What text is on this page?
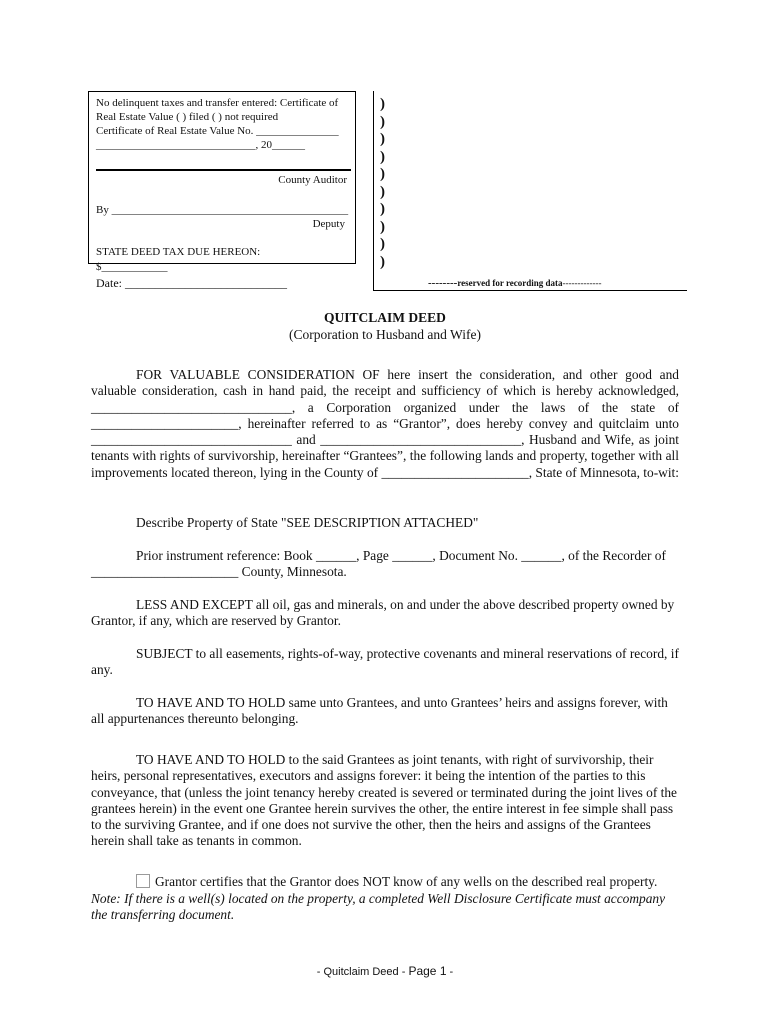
No delinquent taxes and transfer entered: Certificate of
Real Estate Value ( ) filed ( ) not required
Certificate of Real Estate Value No. _______________
_____________________________, 20______
County Auditor
By ___________________________________________
Deputy
STATE DEED TAX DUE HEREON:
$____________
Date: ___________________________
)
)
)
)
)
)
)
)
)
)
--------reserved for recording data-------------
QUITCLAIM DEED
(Corporation to Husband and Wife)
FOR VALUABLE CONSIDERATION OF here insert the consideration, and other good and valuable consideration, cash in hand paid, the receipt and sufficiency of which is hereby acknowledged, ______________________________, a Corporation organized under the laws of the state of ______________________, hereinafter referred to as “Grantor”, does hereby convey and quitclaim unto ______________________________ and ______________________________, Husband and Wife, as joint tenants with rights of survivorship, hereinafter “Grantees”, the following lands and property, together with all improvements located thereon, lying in the County of ______________________, State of Minnesota, to-wit:
Describe Property of State "SEE DESCRIPTION ATTACHED"
Prior instrument reference: Book ______, Page ______, Document No. ______, of the Recorder of ______________________ County, Minnesota.
LESS AND EXCEPT all oil, gas and minerals, on and under the above described property owned by Grantor, if any, which are reserved by Grantor.
SUBJECT to all easements, rights-of-way, protective covenants and mineral reservations of record, if any.
TO HAVE AND TO HOLD same unto Grantees, and unto Grantees’ heirs and assigns forever, with all appurtenances thereunto belonging.
TO HAVE AND TO HOLD to the said Grantees as joint tenants, with right of survivorship, their heirs, personal representatives, executors and assigns forever: it being the intention of the parties to this conveyance, that (unless the joint tenancy hereby created is severed or terminated during the joint lives of the grantees herein) in the event one Grantee herein survives the other, the entire interest in fee simple shall pass to the surviving Grantee, and if one does not survive the other, then the heirs and assigns of the Grantees herein shall take as tenants in common.
Grantor certifies that the Grantor does NOT know of any wells on the described real property.
Note: If there is a well(s) located on the property, a completed Well Disclosure Certificate must accompany the transferring document.
- Quitclaim Deed - Page 1 -
